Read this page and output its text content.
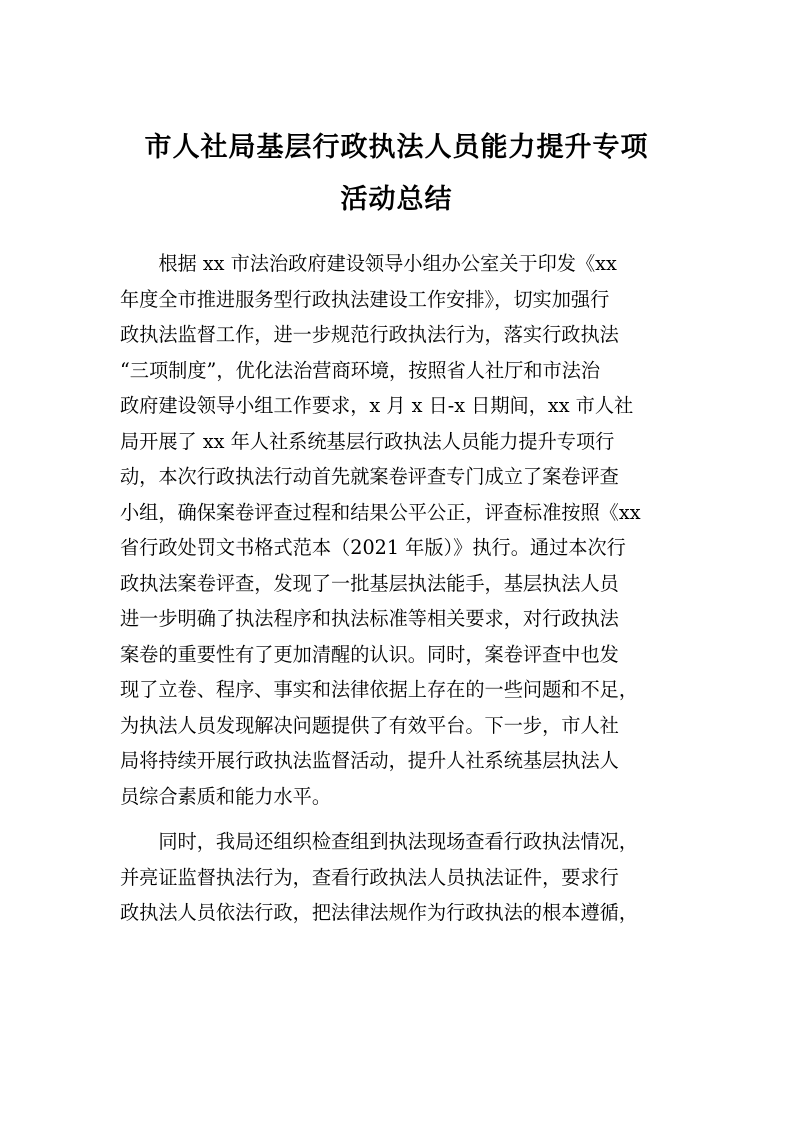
市人社局基层行政执法人员能力提升专项
活动总结

　　根据 xx 市法治政府建设领导小组办公室关于印发《xx
年度全市推进服务型行政执法建设工作安排》，切实加强行
政执法监督工作，进一步规范行政执法行为，落实行政执法
“三项制度”，优化法治营商环境，按照省人社厅和市法治
政府建设领导小组工作要求，x 月 x 日-x 日期间，xx 市人社
局开展了 xx 年人社系统基层行政执法人员能力提升专项行
动，本次行政执法行动首先就案卷评查专门成立了案卷评查
小组，确保案卷评查过程和结果公平公正，评查标准按照《xx
省行政处罚文书格式范本（2021 年版）》执行。通过本次行
政执法案卷评查，发现了一批基层执法能手，基层执法人员
进一步明确了执法程序和执法标准等相关要求，对行政执法
案卷的重要性有了更加清醒的认识。同时，案卷评查中也发
现了立卷、程序、事实和法律依据上存在的一些问题和不足，
为执法人员发现解决问题提供了有效平台。下一步，市人社
局将持续开展行政执法监督活动，提升人社系统基层执法人
员综合素质和能力水平。

　　同时，我局还组织检查组到执法现场查看行政执法情况，
并亮证监督执法行为，查看行政执法人员执法证件，要求行
政执法人员依法行政，把法律法规作为行政执法的根本遵循，
